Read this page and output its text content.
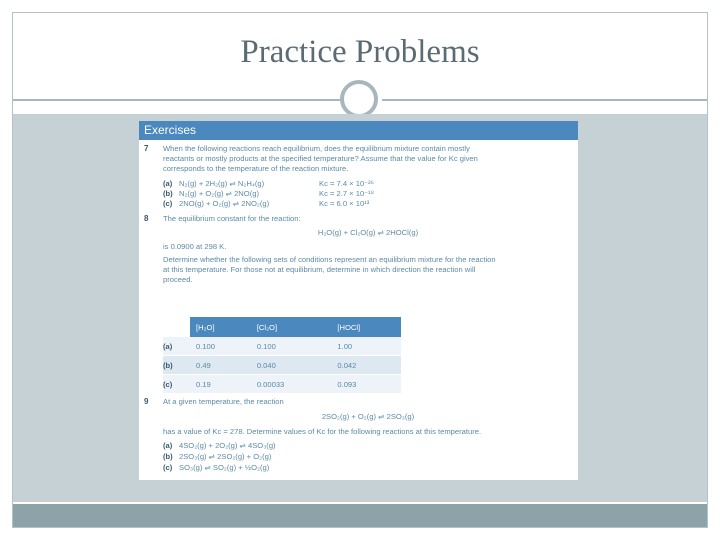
Practice Problems
Exercises
7 When the following reactions reach equilibrium, does the equilibrium mixture contain mostly
reactants or mostly products at the specified temperature? Assume that the value for Kc given
corresponds to the temperature of the reaction mixture.
(a) N₂(g) + 2H₂(g) ⇌ N₂H₄(g)	Kc = 7.4 × 10⁻²⁶
(b) N₂(g) + O₂(g) ⇌ 2NO(g)	Kc = 2.7 × 10⁻¹⁸
(c) 2NO(g) + O₂(g) ⇌ 2NO₂(g)	Kc = 6.0 × 10¹³
8 The equilibrium constant for the reaction:
H₂O(g) + Cl₂O(g) ⇌ 2HOCl(g)
is 0.0900 at 298 K.
Determine whether the following sets of conditions represent an equilibrium mixture for the reaction
at this temperature. For those not at equilibrium, determine in which direction the reaction will
proceed.
	[H₂O]	[Cl₂O]	[HOCl]
(a)	0.100	0.100	1.00
(b)	0.49	0.040	0.042
(c)	0.19	0.00033	0.093
9 At a given temperature, the reaction
2SO₂(g) + O₂(g) ⇌ 2SO₃(g)
has a value of Kc = 278. Determine values of Kc for the following reactions at this temperature.
(a) 4SO₂(g) + 2O₂(g) ⇌ 4SO₃(g)
(b) 2SO₃(g) ⇌ 2SO₂(g) + O₂(g)
(c) SO₃(g) ⇌ SO₂(g) + ½O₂(g)
